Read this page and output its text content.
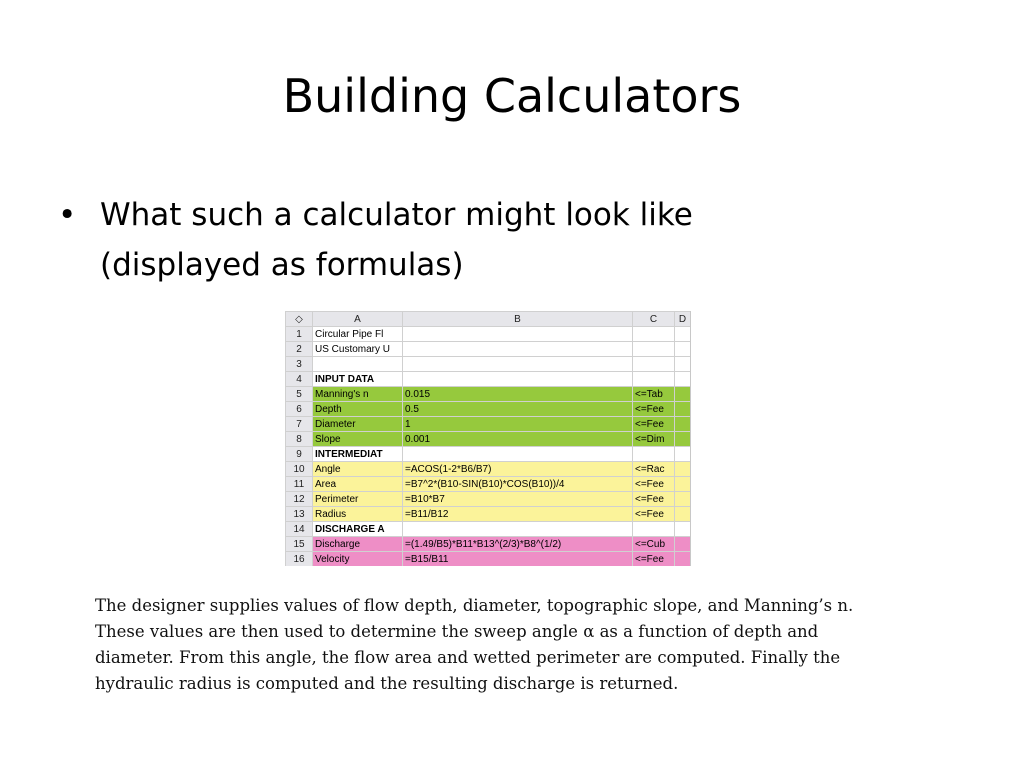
Building Calculators
• What such a calculator might look like
(displayed as formulas)
◇	A	B	C	D
1	Circular Pipe Fl			
2	US Customary U			
3				
4	INPUT DATA			
5	Manning's n	0.015	<=Tab	
6	Depth	0.5	<=Fee	
7	Diameter	1	<=Fee	
8	Slope	0.001	<=Dim	
9	INTERMEDIAT			
10	Angle	=ACOS(1-2*B6/B7)	<=Rac	
11	Area	=B7^2*(B10-SIN(B10)*COS(B10))/4	<=Fee	
12	Perimeter	=B10*B7	<=Fee	
13	Radius	=B11/B12	<=Fee	
14	DISCHARGE A			
15	Discharge	=(1.49/B5)*B11*B13^(2/3)*B8^(1/2)	<=Cub	
16	Velocity	=B15/B11	<=Fee	
The designer supplies values of flow depth, diameter, topographic slope, and Manning’s n.
These values are then used to determine the sweep angle α as a function of depth and
diameter. From this angle, the flow area and wetted perimeter are computed. Finally the
hydraulic radius is computed and the resulting discharge is returned.
